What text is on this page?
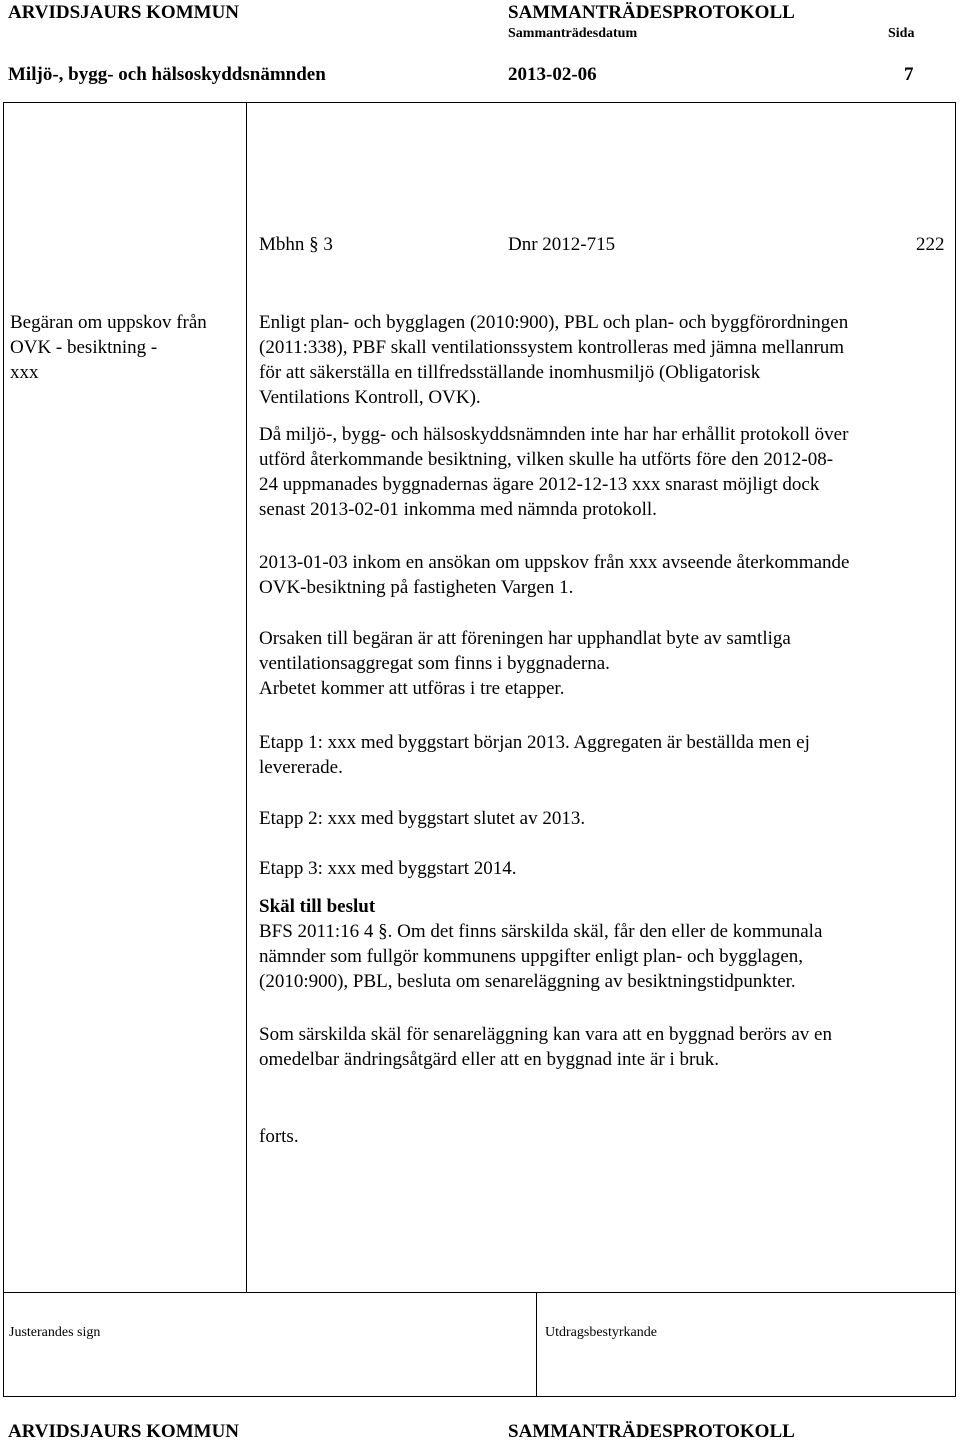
ARVIDSJAURS KOMMUN	SAMMANTRÄDESPROTOKOLL
Sammanträdesdatum	Sida
Miljö-, bygg- och hälsoskyddsnämnden	2013-02-06	7
Mbhn § 3	Dnr 2012-715	222
Begäran om uppskov från
OVK - besiktning -
xxx

Enligt plan- och bygglagen (2010:900), PBL och plan- och byggförordningen

(2011:338), PBF skall ventilationssystem kontrolleras med jämna mellanrum

för att säkerställa en tillfredsställande inomhusmiljö (Obligatorisk

Ventilations Kontroll, OVK).

Då miljö-, bygg- och hälsoskyddsnämnden inte har har erhållit protokoll över

utförd återkommande besiktning, vilken skulle ha utförts före den 2012-08-

24 uppmanades byggnadernas ägare 2012-12-13 xxx snarast möjligt dock

senast 2013-02-01 inkomma med nämnda protokoll.

2013-01-03 inkom en ansökan om uppskov från xxx avseende återkommande

OVK-besiktning på fastigheten Vargen 1.

Orsaken till begäran är att föreningen har upphandlat byte av samtliga

ventilationsaggregat som finns i byggnaderna.

Arbetet kommer att utföras i tre etapper.

Etapp 1: xxx med byggstart början 2013. Aggregaten är beställda men ej

levererade.

Etapp 2: xxx med byggstart slutet av 2013.

Etapp 3: xxx med byggstart 2014.

Skäl till beslut

BFS 2011:16 4 §. Om det finns särskilda skäl, får den eller de kommunala

nämnder som fullgör kommunens uppgifter enligt plan- och bygglagen,

(2010:900), PBL, besluta om senareläggning av besiktningstidpunkter.

Som särskilda skäl för senareläggning kan vara att en byggnad berörs av en

omedelbar ändringsåtgärd eller att en byggnad inte är i bruk.

forts.

Justerandes sign	Utdragsbestyrkande
ARVIDSJAURS KOMMUN	SAMMANTRÄDESPROTOKOLL
